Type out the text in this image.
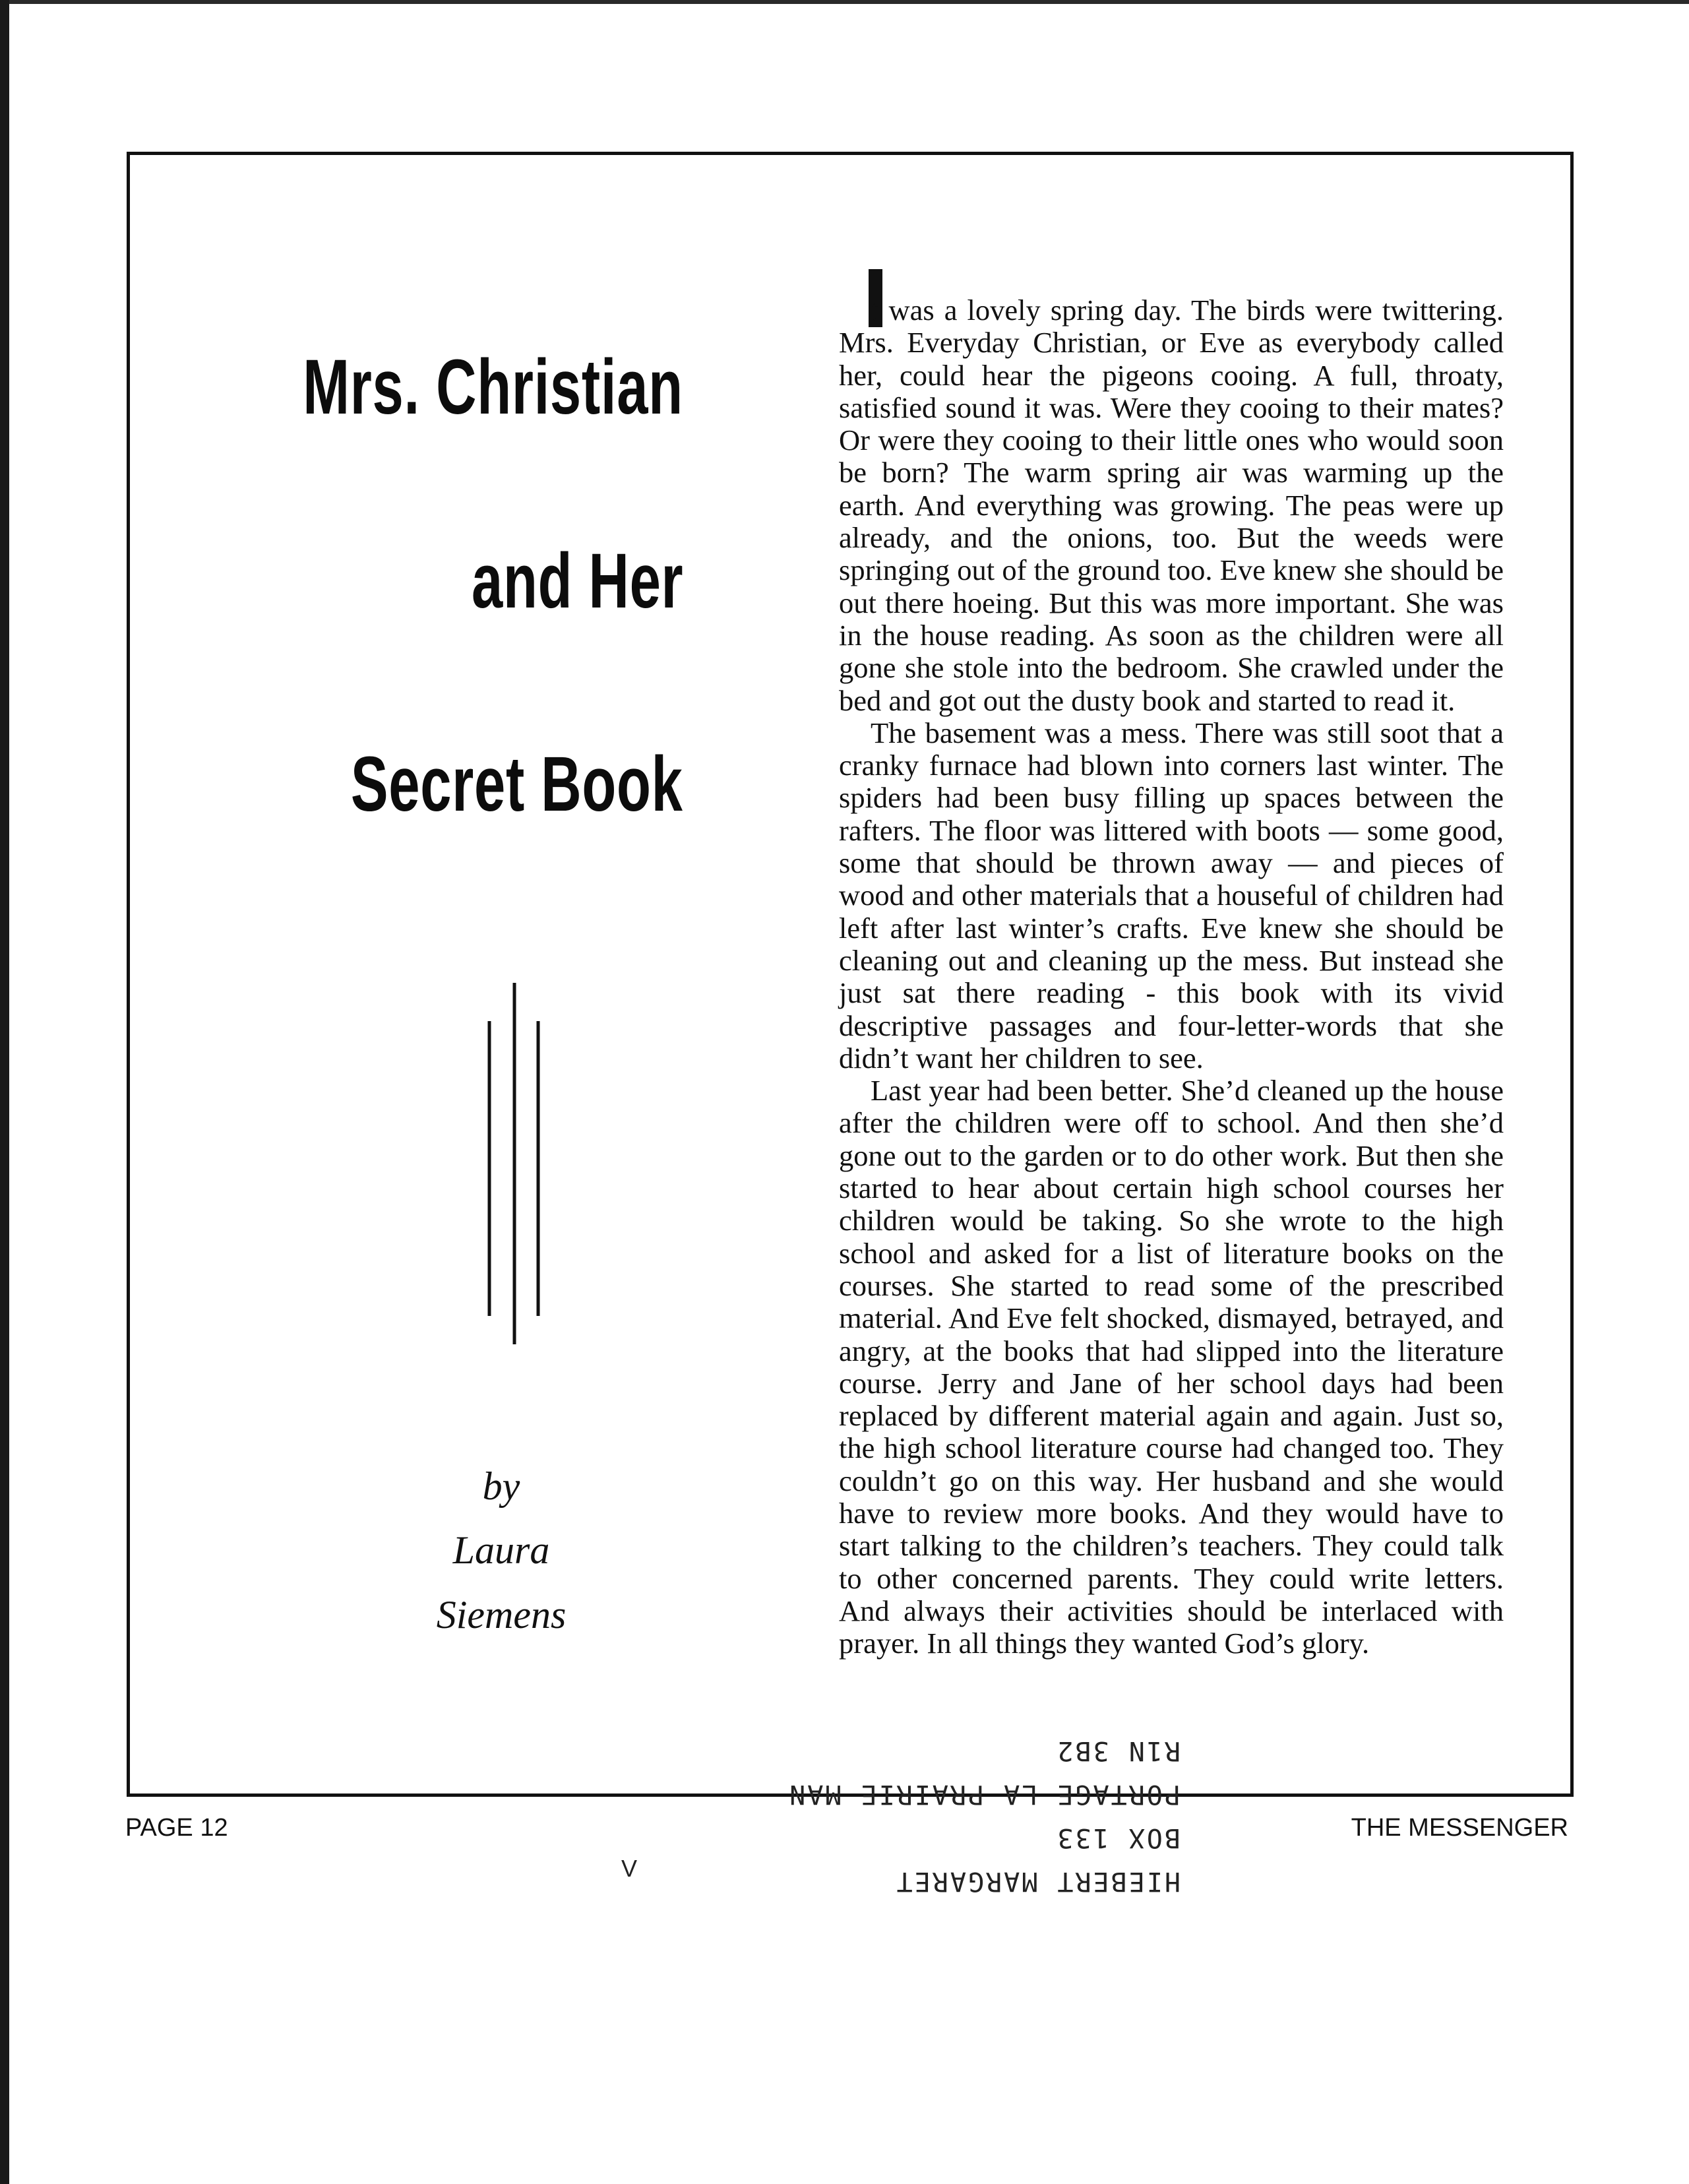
Mrs. Christian
and Her
Secret Book
by
Laura
Siemens

t was a lovely spring day. The birds were twittering. Mrs. Everyday Christian, or Eve as everybody called her, could hear the pigeons cooing. A full, throaty, satisfied sound it was. Were they cooing to their mates? Or were they cooing to their little ones who would soon be born? The warm spring air was warming up the earth. And everything was growing. The peas were up already, and the onions, too. But the weeds were springing out of the ground too. Eve knew she should be out there hoeing. But this was more important. She was in the house reading. As soon as the children were all gone she stole into the bedroom. She crawled under the bed and got out the dusty book and started to read it.

The basement was a mess. There was still soot that a cranky furnace had blown into corners last winter. The spiders had been busy filling up spaces between the rafters. The floor was littered with boots — some good, some that should be thrown away — and pieces of wood and other materials that a houseful of children had left after last winter’s crafts. Eve knew she should be cleaning out and cleaning up the mess. But instead she just sat there reading - this book with its vivid descriptive passages and four-letter-words that she didn’t want her children to see.

Last year had been better. She’d cleaned up the house after the children were off to school. And then she’d gone out to the garden or to do other work. But then she started to hear about certain high school courses her children would be taking. So she wrote to the high school and asked for a list of literature books on the courses. She started to read some of the prescribed material. And Eve felt shocked, dismayed, betrayed, and angry, at the books that had slipped into the literature course. Jerry and Jane of her school days had been replaced by different material again and again. Just so, the high school literature course had changed too. They couldn’t go on this way. Her husband and she would have to review more books. And they would have to start talking to the children’s teachers. They could talk to other concerned parents. They could write letters. And always their activities should be interlaced with prayer. In all things they wanted God’s glory.

HIEBERT MARGARET
BOX 133
PORTAGE LA PRAIRIE MAN
R1N 3B2
PAGE 12	THE MESSENGER
V
